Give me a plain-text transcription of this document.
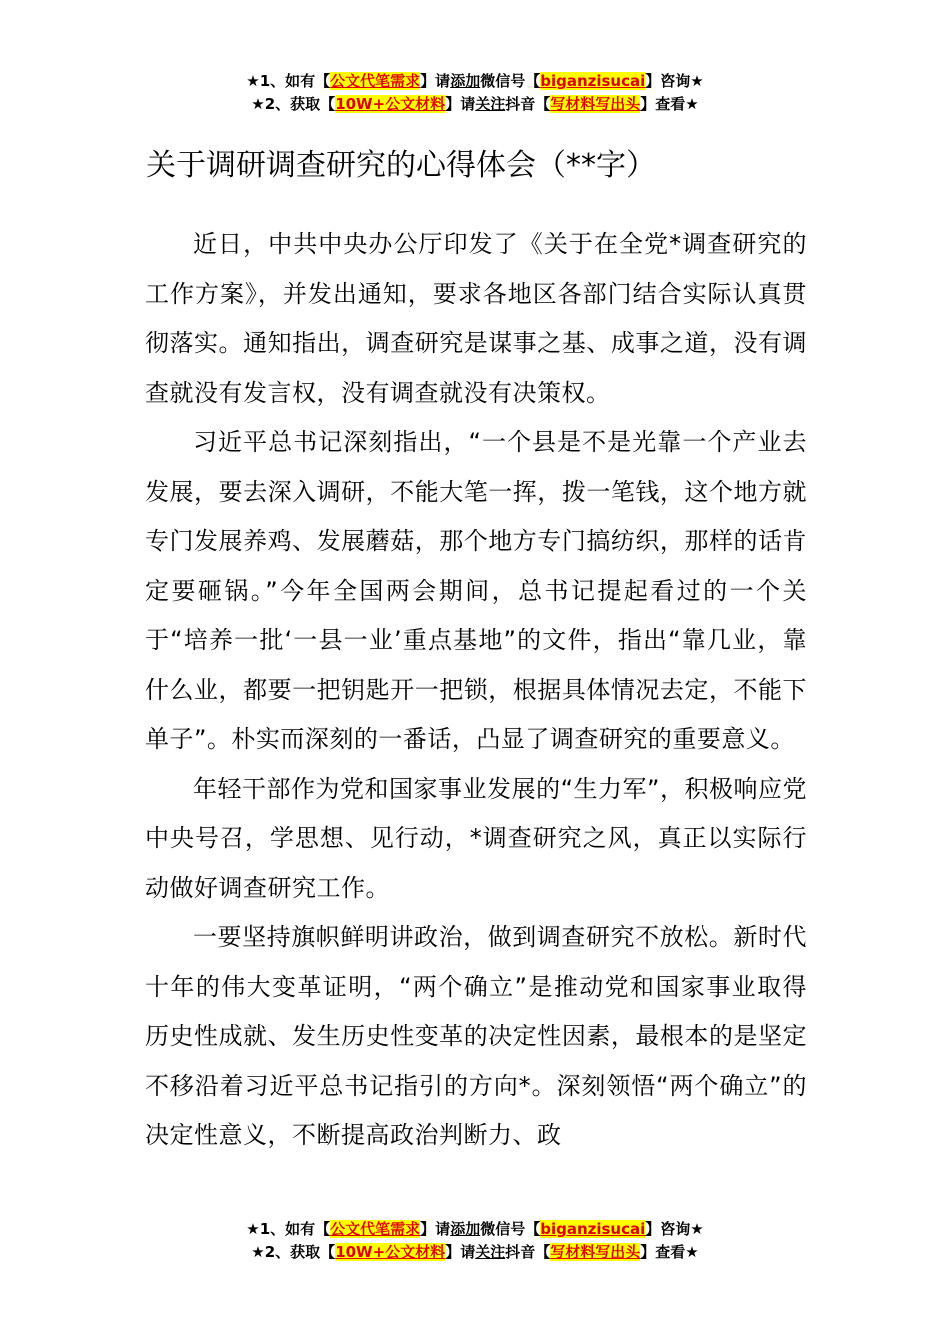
★1、如有【公文代笔需求】请添加微信号【biganzisucai】咨询★
★2、获取【10W+公文材料】请关注抖音【写材料写出头】查看★
关于调研调查研究的心得体会（**字）

近日，中共中央办公厅印发了《关于在全党*调查研究的工作方案》，并发出通知，要求各地区各部门结合实际认真贯彻落实。通知指出，调查研究是谋事之基、成事之道，没有调查就没有发言权，没有调查就没有决策权。

习近平总书记深刻指出，“一个县是不是光靠一个产业去发展，要去深入调研，不能大笔一挥，拨一笔钱，这个地方就专门发展养鸡、发展蘑菇，那个地方专门搞纺织，那样的话肯定要砸锅。”今年全国两会期间，总书记提起看过的一个关于“培养一批‘一县一业’重点基地”的文件，指出“靠几业，靠什么业，都要一把钥匙开一把锁，根据具体情况去定，不能下单子”。朴实而深刻的一番话，凸显了调查研究的重要意义。

年轻干部作为党和国家事业发展的“生力军”，积极响应党中央号召，学思想、见行动，*调查研究之风，真正以实际行动做好调查研究工作。

一要坚持旗帜鲜明讲政治，做到调查研究不放松。新时代十年的伟大变革证明，“两个确立”是推动党和国家事业取得历史性成就、发生历史性变革的决定性因素，最根本的是坚定不移沿着习近平总书记指引的方向*。深刻领悟“两个确立”的决定性意义，不断提高政治判断力、政

★1、如有【公文代笔需求】请添加微信号【biganzisucai】咨询★
★2、获取【10W+公文材料】请关注抖音【写材料写出头】查看★
